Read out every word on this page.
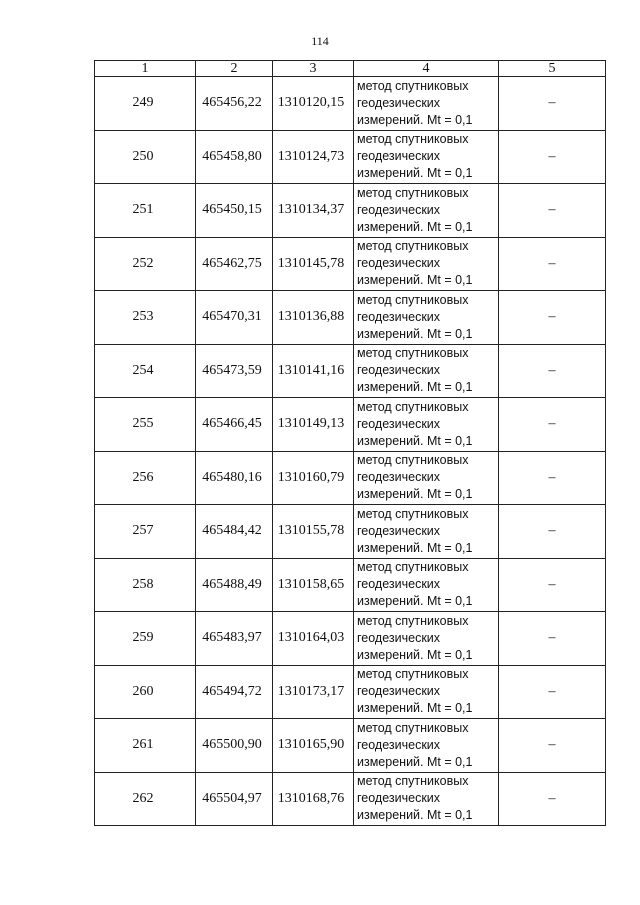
114
1	2	3	4	5
249	465456,22	1310120,15	метод спутниковых
геодезических
измерений. Mt = 0,1	–
250	465458,80	1310124,73	метод спутниковых
геодезических
измерений. Mt = 0,1	–
251	465450,15	1310134,37	метод спутниковых
геодезических
измерений. Mt = 0,1	–
252	465462,75	1310145,78	метод спутниковых
геодезических
измерений. Mt = 0,1	–
253	465470,31	1310136,88	метод спутниковых
геодезических
измерений. Mt = 0,1	–
254	465473,59	1310141,16	метод спутниковых
геодезических
измерений. Mt = 0,1	–
255	465466,45	1310149,13	метод спутниковых
геодезических
измерений. Mt = 0,1	–
256	465480,16	1310160,79	метод спутниковых
геодезических
измерений. Mt = 0,1	–
257	465484,42	1310155,78	метод спутниковых
геодезических
измерений. Mt = 0,1	–
258	465488,49	1310158,65	метод спутниковых
геодезических
измерений. Mt = 0,1	–
259	465483,97	1310164,03	метод спутниковых
геодезических
измерений. Mt = 0,1	–
260	465494,72	1310173,17	метод спутниковых
геодезических
измерений. Mt = 0,1	–
261	465500,90	1310165,90	метод спутниковых
геодезических
измерений. Mt = 0,1	–
262	465504,97	1310168,76	метод спутниковых
геодезических
измерений. Mt = 0,1	–
